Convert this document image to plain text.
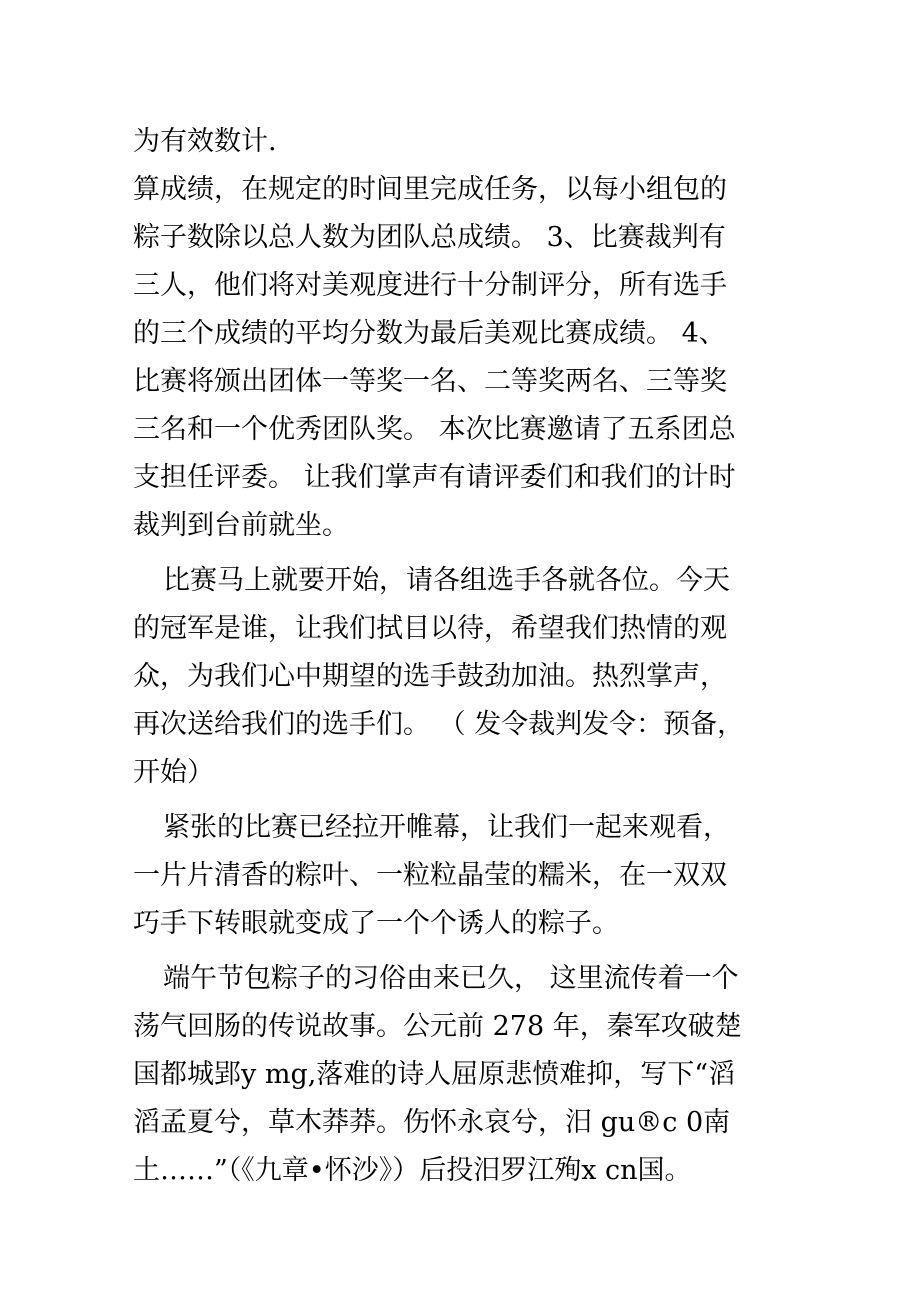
为有效数计.
算成绩，在规定的时间里完成任务，以每小组包的
粽子数除以总人数为团队总成绩。 3、比赛裁判有
三人，他们将对美观度进行十分制评分，所有选手
的三个成绩的平均分数为最后美观比赛成绩。 4、
比赛将颁出团体一等奖一名、二等奖两名、三等奖
三名和一个优秀团队奖。 本次比赛邀请了五系团总
支担任评委。 让我们掌声有请评委们和我们的计时
裁判到台前就坐。
比赛马上就要开始，请各组选手各就各位。今天
的冠军是谁，让我们拭目以待，希望我们热情的观
众，为我们心中期望的选手鼓劲加油。热烈掌声，
再次送给我们的选手们。 （ 发令裁判发令：预备，
开始）
紧张的比赛已经拉开帷幕，让我们一起来观看，
一片片清香的粽叶、一粒粒晶莹的糯米，在一双双
巧手下转眼就变成了一个个诱人的粽子。
端午节包粽子的习俗由来已久， 这里流传着一个
荡气回肠的传说故事。公元前 278 年，秦军攻破楚
国都城郢y mg,落难的诗人屈原悲愤难抑，写下“滔
滔孟夏兮，草木莽莽。伤怀永哀兮，汨 gu®c 0南
土……”（《九章•怀沙》）后投汨罗江殉x cn国。
